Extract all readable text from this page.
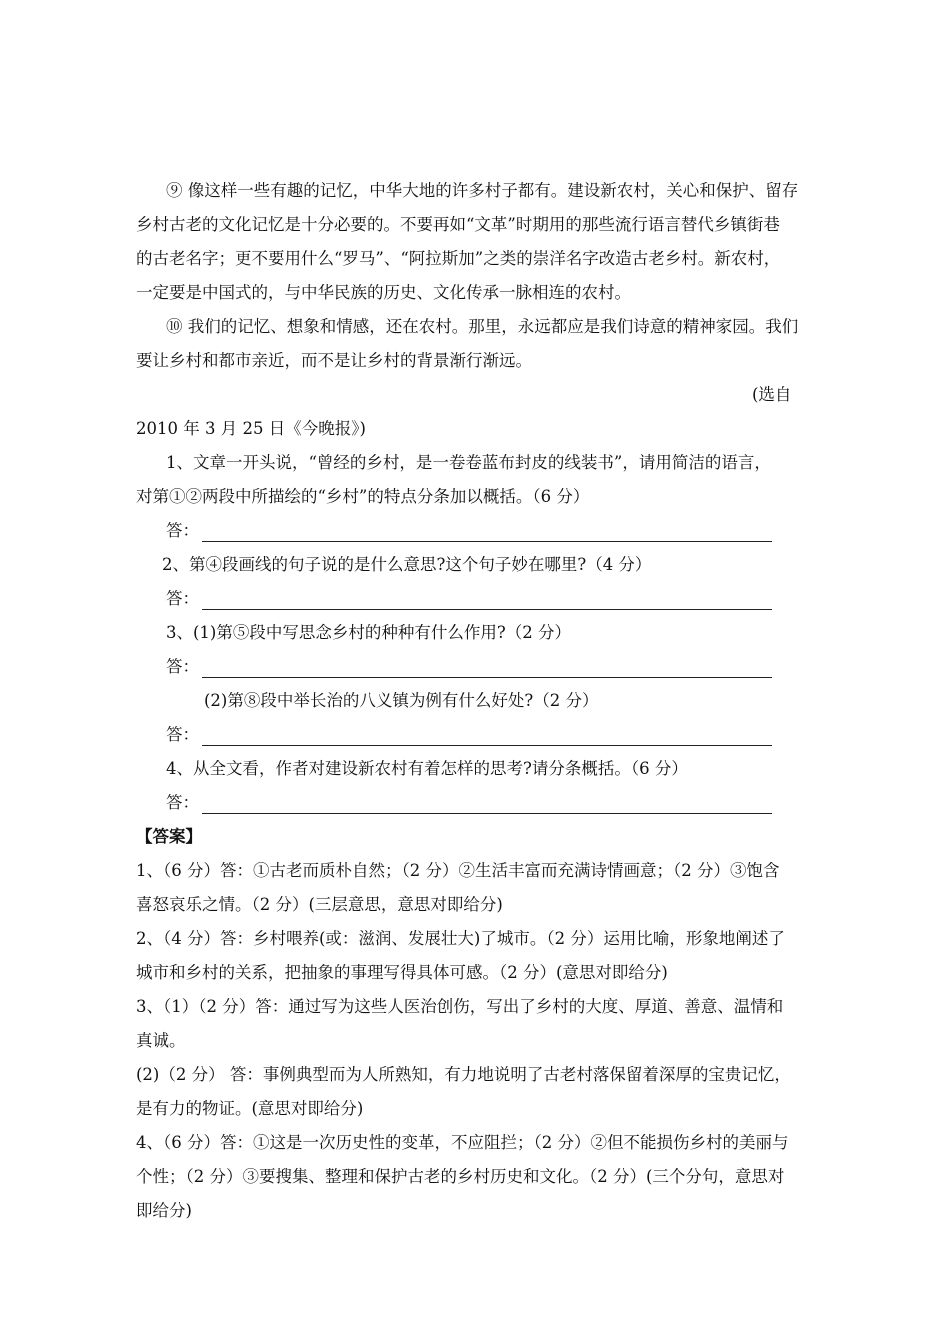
⑨ 像这样一些有趣的记忆，中华大地的许多村子都有。建设新农村，关心和保护、留存
乡村古老的文化记忆是十分必要的。不要再如“文革”时期用的那些流行语言替代乡镇街巷
的古老名字；更不要用什么“罗马”、“阿拉斯加”之类的崇洋名字改造古老乡村。新农村，
一定要是中国式的，与中华民族的历史、文化传承一脉相连的农村。
⑩ 我们的记忆、想象和情感，还在农村。那里，永远都应是我们诗意的精神家园。我们
要让乡村和都市亲近，而不是让乡村的背景渐行渐远。
(选自
2010 年 3 月 25 日《今晚报》)
1、文章一开头说，“曾经的乡村，是一卷卷蓝布封皮的线装书”，请用简洁的语言，
对第①②两段中所描绘的“乡村”的特点分条加以概括。（6 分）
答：
2、第④段画线的句子说的是什么意思?这个句子妙在哪里?（4 分）
答：
3、(1)第⑤段中写思念乡村的种种有什么作用?（2 分）
答：
(2)第⑧段中举长治的八义镇为例有什么好处?（2 分）
答：
4、从全文看，作者对建设新农村有着怎样的思考?请分条概括。（6 分）
答：
【答案】
1、（6 分）答：①古老而质朴自然；（2 分）②生活丰富而充满诗情画意；（2 分）③饱含
喜怒哀乐之情。（2 分）(三层意思，意思对即给分)
2、（4 分）答：乡村喂养(或：滋润、发展壮大)了城市。（2 分）运用比喻，形象地阐述了
城市和乡村的关系，把抽象的事理写得具体可感。（2 分）(意思对即给分)
3、（1）（2 分）答：通过写为这些人医治创伤，写出了乡村的大度、厚道、善意、温情和
真诚。
(2)（2 分） 答：事例典型而为人所熟知，有力地说明了古老村落保留着深厚的宝贵记忆，
是有力的物证。(意思对即给分)
4、（6 分）答：①这是一次历史性的变革，不应阻拦；（2 分）②但不能损伤乡村的美丽与
个性；（2 分）③要搜集、整理和保护古老的乡村历史和文化。（2 分）(三个分句，意思对
即给分)
